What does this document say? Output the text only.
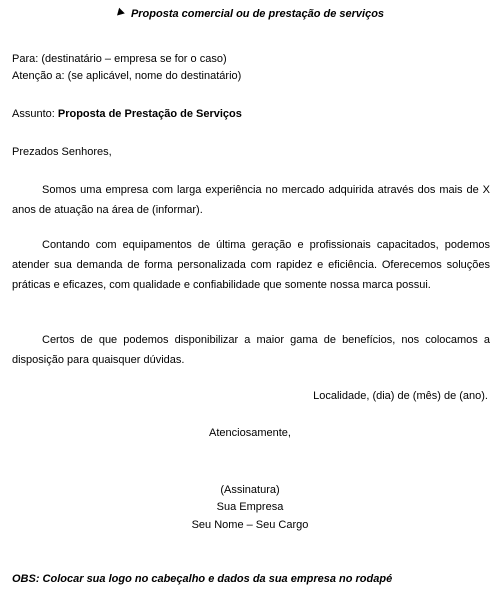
Proposta comercial ou de prestação de serviços
Para: (destinatário – empresa se for o caso)
Atenção a: (se aplicável, nome do destinatário)
Assunto: Proposta de Prestação de Serviços
Prezados Senhores,
Somos uma empresa com larga experiência no mercado adquirida através dos mais de X anos de atuação na área de (informar).
Contando com equipamentos de última geração e profissionais capacitados, podemos atender sua demanda de forma personalizada com rapidez e eficiência. Oferecemos soluções práticas e eficazes, com qualidade e confiabilidade que somente nossa marca possui.
Certos de que podemos disponibilizar a maior gama de benefícios, nos colocamos a disposição para quaisquer dúvidas.
Localidade, (dia) de (mês) de (ano).
Atenciosamente,
(Assinatura)
Sua Empresa
Seu Nome – Seu Cargo
OBS: Colocar sua logo no cabeçalho e dados da sua empresa no rodapé
